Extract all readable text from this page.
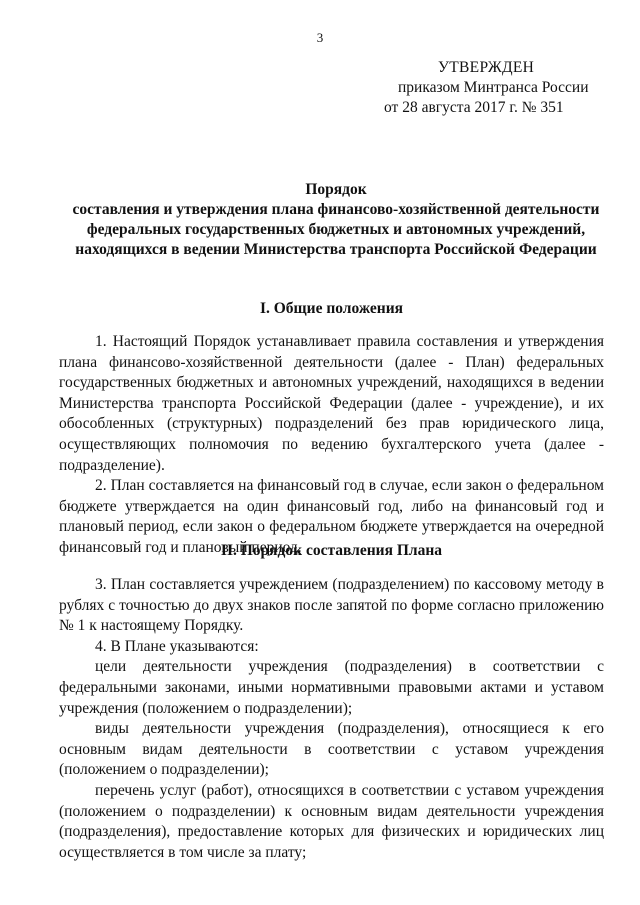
3
УТВЕРЖДЕН
приказом Минтранса России
от 28 августа 2017 г. № 351
Порядок
составления и утверждения плана финансово-хозяйственной деятельности
федеральных государственных бюджетных и автономных учреждений,
находящихся в ведении Министерства транспорта Российской Федерации
I. Общие положения

1. Настоящий Порядок устанавливает правила составления и утверждения плана финансово-хозяйственной деятельности (далее - План) федеральных государственных бюджетных и автономных учреждений, находящихся в ведении Министерства транспорта Российской Федерации (далее - учреждение), и их обособленных (структурных) подразделений без прав юридического лица, осуществляющих полномочия по ведению бухгалтерского учета (далее - подразделение).

2. План составляется на финансовый год в случае, если закон о федеральном бюджете утверждается на один финансовый год, либо на финансовый год и плановый период, если закон о федеральном бюджете утверждается на очередной финансовый год и плановый период.

II. Порядок составления Плана

3. План составляется учреждением (подразделением) по кассовому методу в рублях с точностью до двух знаков после запятой по форме согласно приложению № 1 к настоящему Порядку.

4. В Плане указываются:

цели деятельности учреждения (подразделения) в соответствии с федеральными законами, иными нормативными правовыми актами и уставом учреждения (положением о подразделении);

виды деятельности учреждения (подразделения), относящиеся к его основным видам деятельности в соответствии с уставом учреждения (положением о подразделении);

перечень услуг (работ), относящихся в соответствии с уставом учреждения (положением о подразделении) к основным видам деятельности учреждения (подразделения), предоставление которых для физических и юридических лиц осуществляется в том числе за плату;
